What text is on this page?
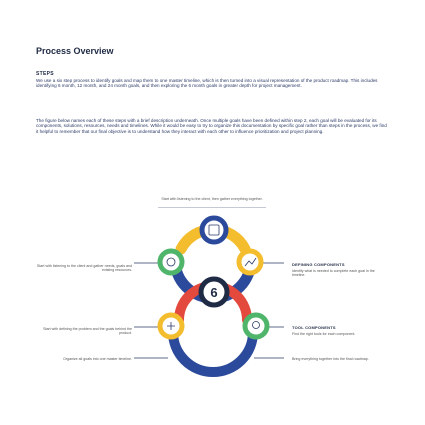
Process Overview
STEPS
We use a six step process to identify goals and map them to one master timeline, which is then turned into a visual representation of the product roadmap. This includes identifying 6 month, 12 month, and 24 month goals, and then exploring the 6 month goals in greater depth for project management.
The figure below names each of these steps with a brief description underneath. Once multiple goals have been defined within step 2, each goal will be evaluated for its components, solutions, resources, needs and timelines. While it would be easy to try to organize this documentation by specific goal rather than steps in the process, we find it helpful to remember that our final objective is to understand how they interact with each other to influence prioritization and project planning.
Start with listening to the client, then gather everything together.
6
Start with listening to the client and gather needs, goals and existing resources.
Start with defining the problem and the goals behind the product.
Organize all goals into one master timeline.
DEFINING COMPONENTS
Identify what is needed to complete each goal in the timeline.
TOOL COMPONENTS
Find the right tools for each component.
Bring everything together into the final roadmap.
